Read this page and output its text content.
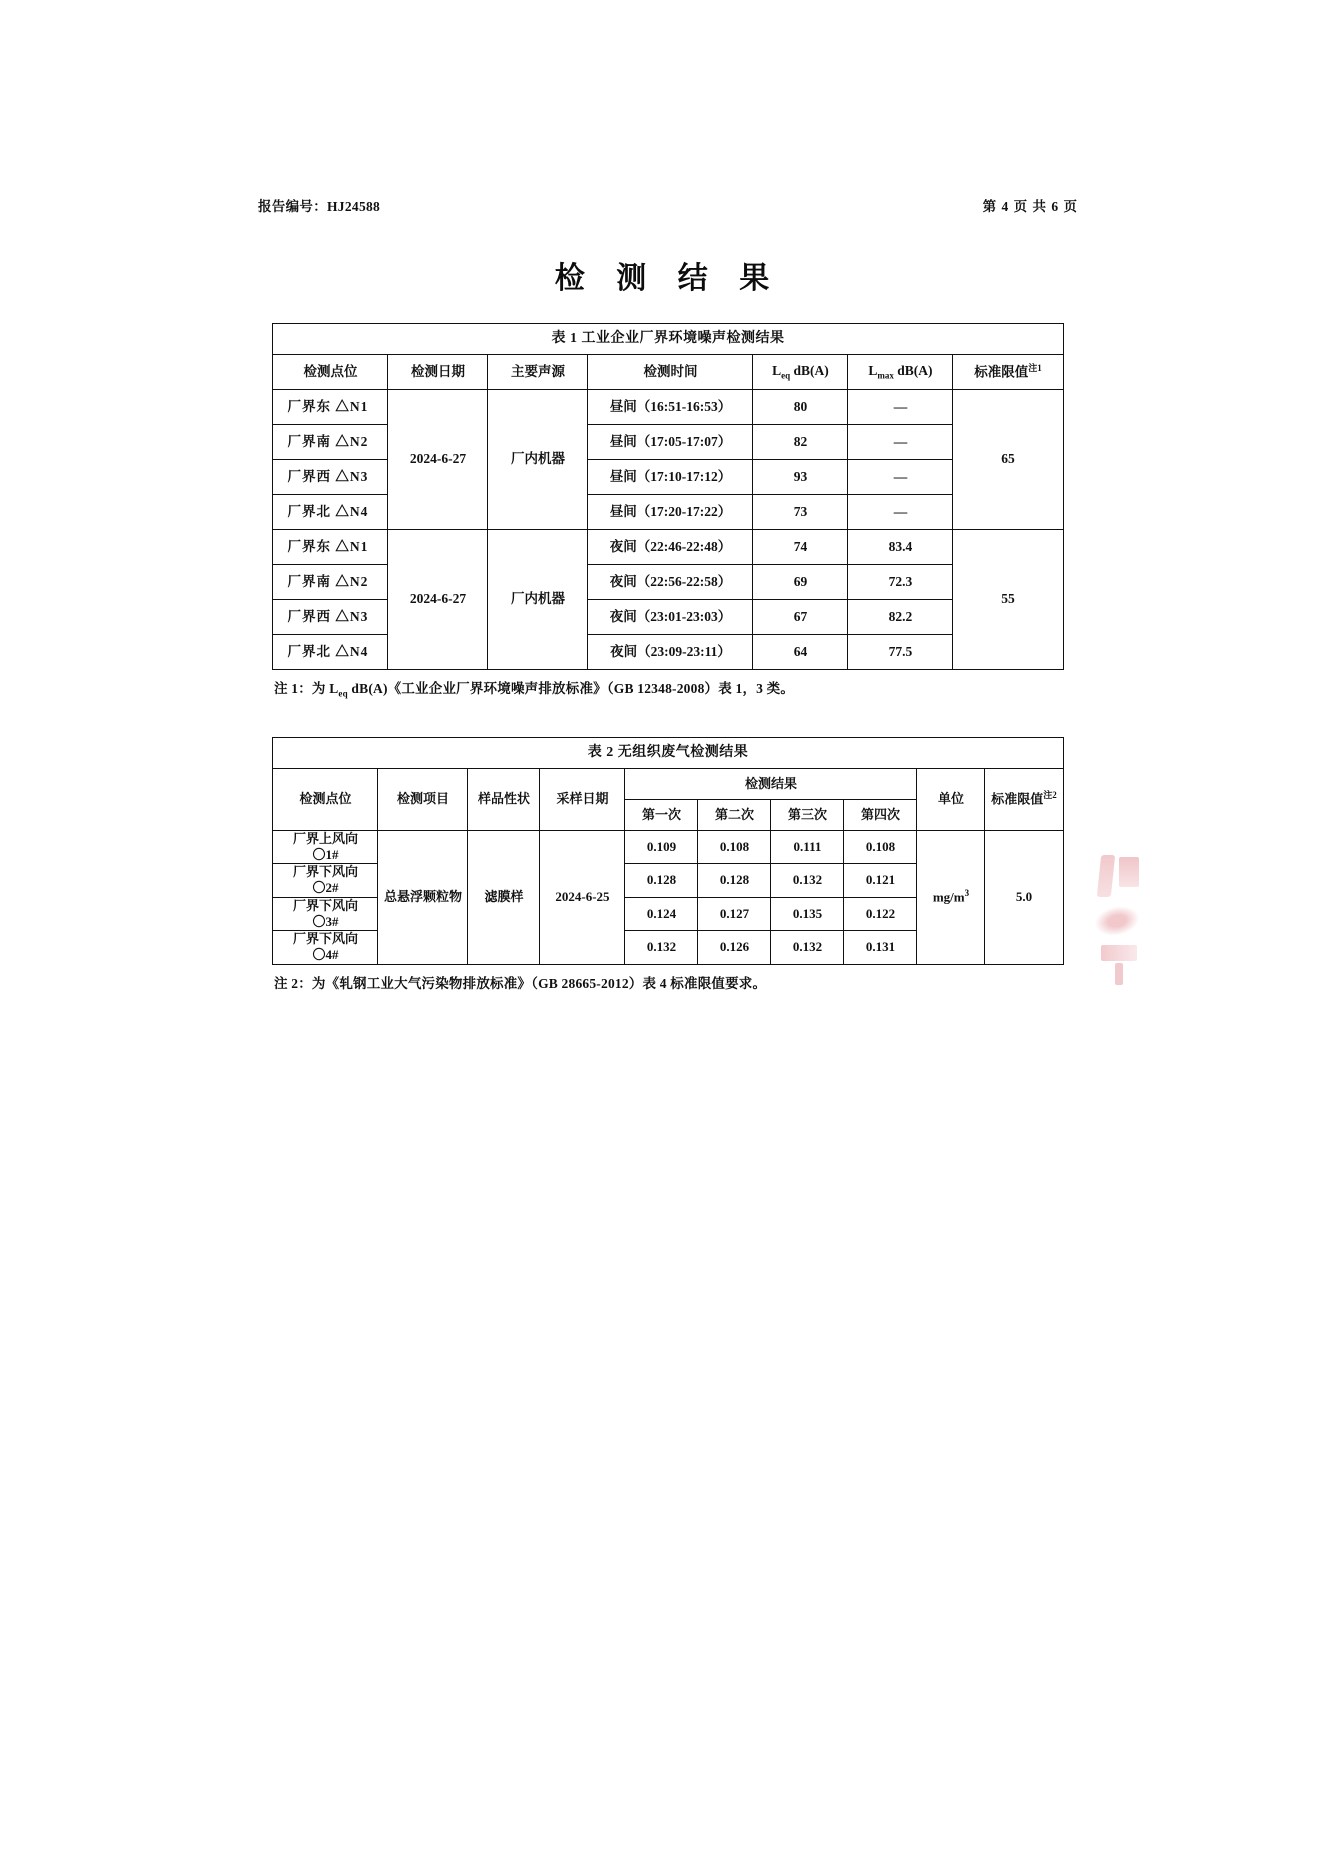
报告编号：HJ24588	第 4 页 共 6 页
检 测 结 果
表 1 工业企业厂界环境噪声检测结果						
检测点位	检测日期	主要声源	检测时间	$L_{eq}$ dB(A)	$L_{max}$ dB(A)	标准限值$^{注1}$
厂界东 △N1	2024-6-27	厂内机器	昼间（16:51-16:53）	80	—	65
厂界南 △N2			昼间（17:05-17:07）	82	—	
厂界西 △N3			昼间（17:10-17:12）	93	—	
厂界北 △N4			昼间（17:20-17:22）	73	—	
厂界东 △N1	2024-6-27	厂内机器	夜间（22:46-22:48）	74	83.4	55
厂界南 △N2			夜间（22:56-22:58）	69	72.3	
厂界西 △N3			夜间（23:01-23:03）	67	82.2	
厂界北 △N4			夜间（23:09-23:11）	64	77.5	
注 1：为 $L_{eq}$ dB(A)《工业企业厂界环境噪声排放标准》（GB 12348-2008）表 1，3 类。
表 2 无组织废气检测结果									
检测点位	检测项目	样品性状	采样日期	检测结果				单位	标准限值$^{注2}$
				第一次	第二次	第三次	第四次		
厂界上风向
〇1#	总悬浮颗粒物	滤膜样	2024-6-25	0.109	0.108	0.111	0.108	$mg/m^3$	5.0
厂界下风向
〇2#				0.128	0.128	0.132	0.121		
厂界下风向
〇3#				0.124	0.127	0.135	0.122		
厂界下风向
〇4#				0.132	0.126	0.132	0.131		
注 2：为《轧钢工业大气污染物排放标准》（GB 28665-2012）表 4 标准限值要求。
